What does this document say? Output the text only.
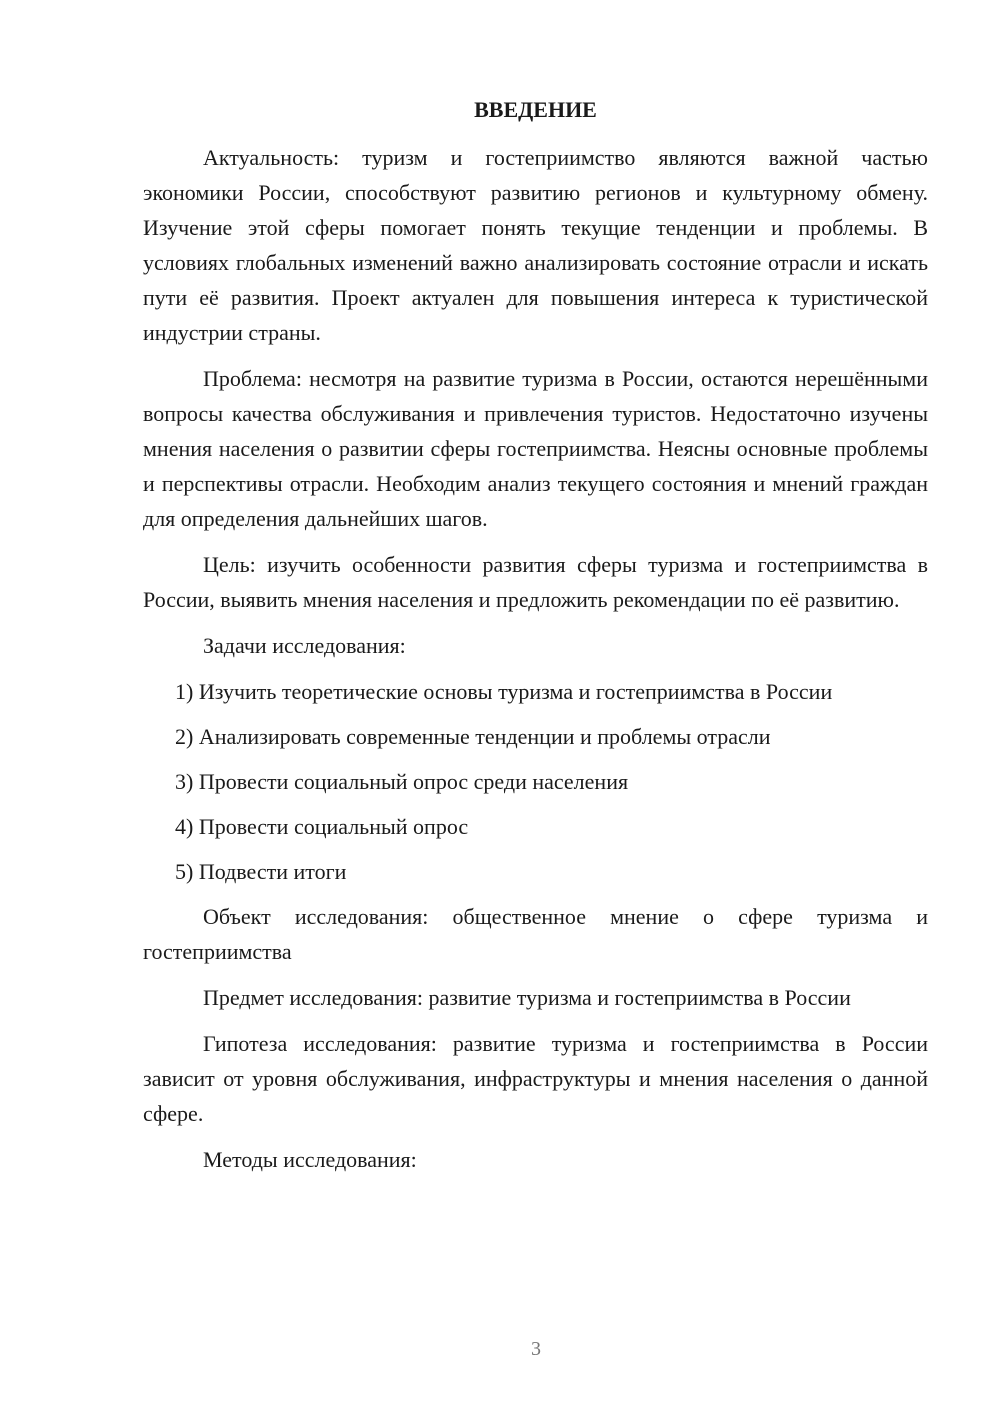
ВВЕДЕНИЕ

Актуальность: туризм и гостеприимство являются важной частью экономики России, способствуют развитию регионов и культурному обмену. Изучение этой сферы помогает понять текущие тенденции и проблемы. В условиях глобальных изменений важно анализировать состояние отрасли и искать пути её развития. Проект актуален для повышения интереса к туристической индустрии страны.

Проблема: несмотря на развитие туризма в России, остаются нерешёнными вопросы качества обслуживания и привлечения туристов. Недостаточно изучены мнения населения о развитии сферы гостеприимства. Неясны основные проблемы и перспективы отрасли. Необходим анализ текущего состояния и мнений граждан для определения дальнейших шагов.

Цель: изучить особенности развития сферы туризма и гостеприимства в России, выявить мнения населения и предложить рекомендации по её развитию.

Задачи исследования:

1) Изучить теоретические основы туризма и гостеприимства в России
2) Анализировать современные тенденции и проблемы отрасли
3) Провести социальный опрос среди населения
4) Провести социальный опрос
5) Подвести итоги

Объект исследования: общественное мнение о сфере туризма и гостеприимства

Предмет исследования: развитие туризма и гостеприимства в России

Гипотеза исследования: развитие туризма и гостеприимства в России зависит от уровня обслуживания, инфраструктуры и мнения населения о данной сфере.

Методы исследования:

3
